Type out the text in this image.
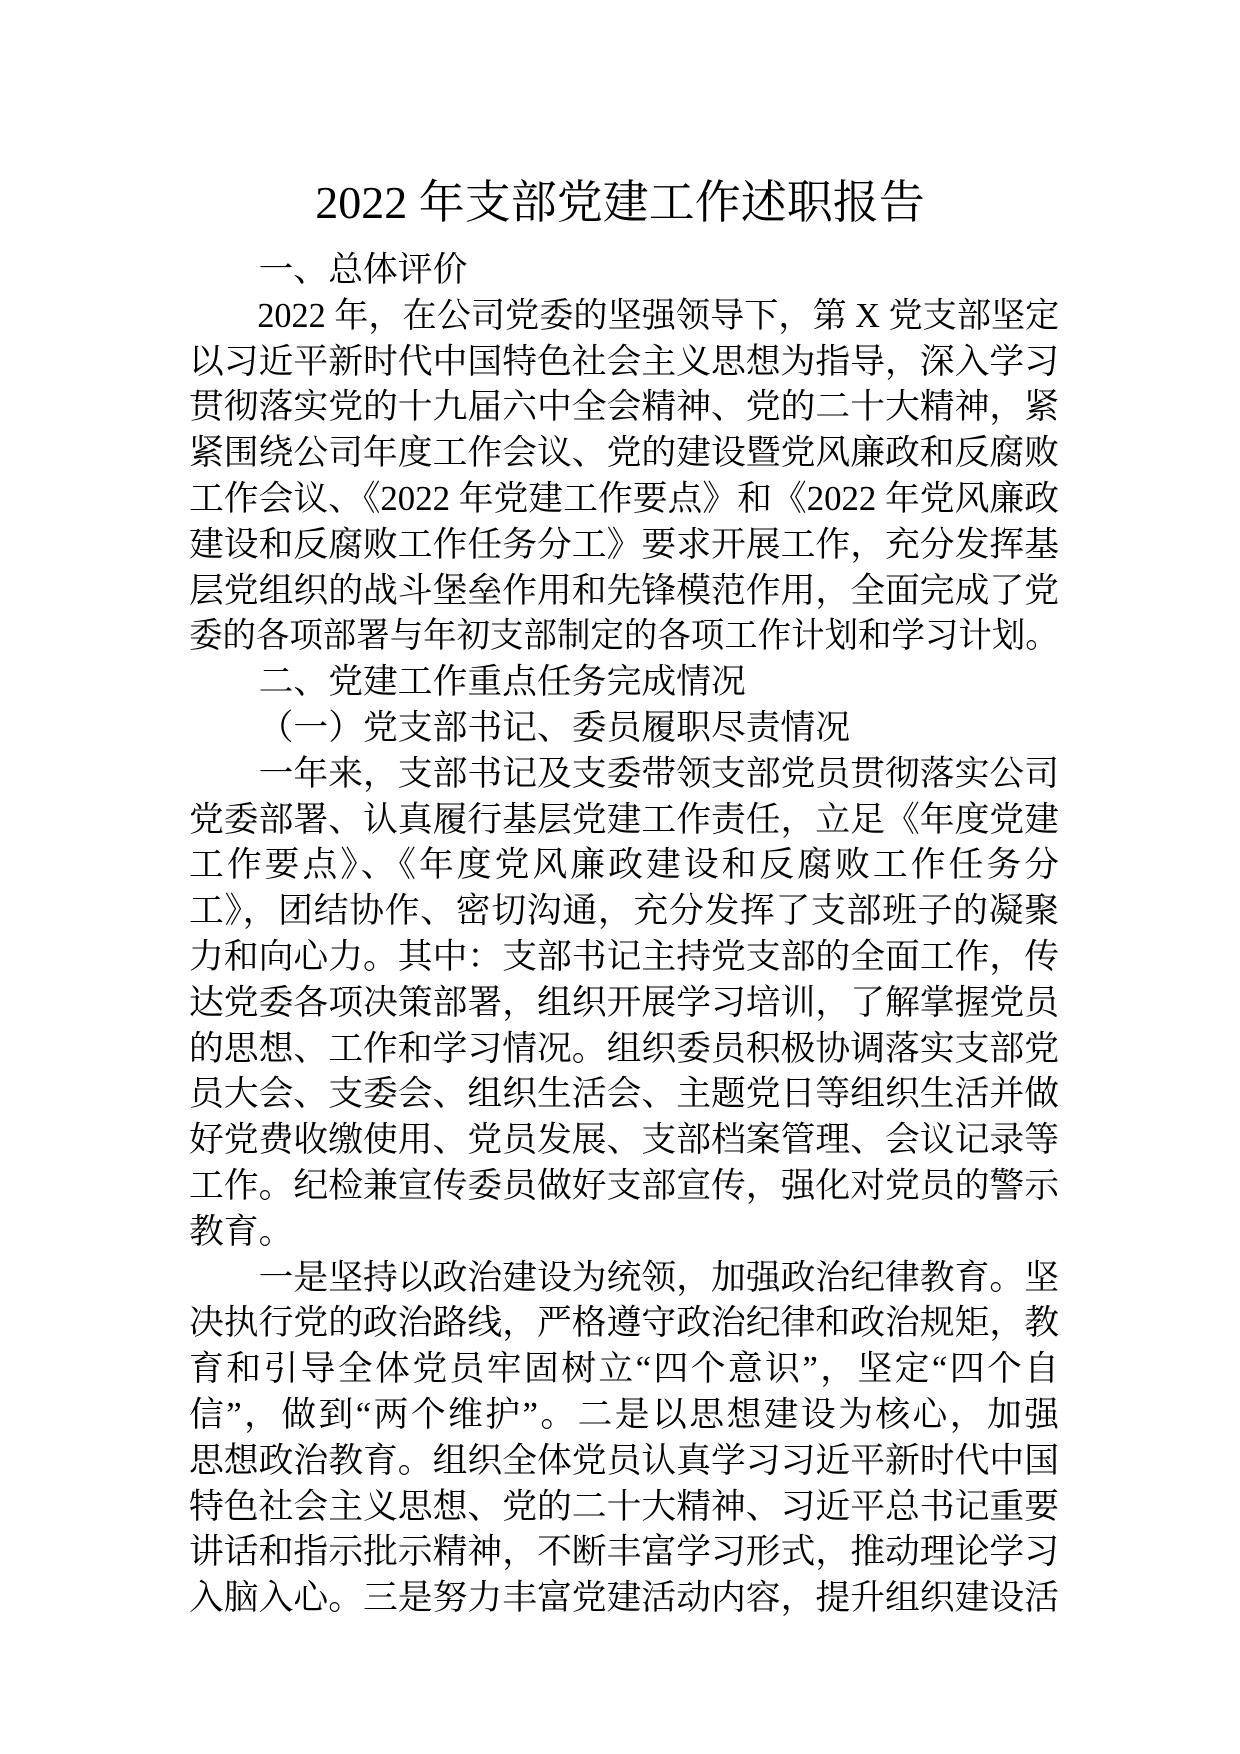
2022 年支部党建工作述职报告
一、总体评价
2022 年，在公司党委的坚强领导下，第 X 党支部坚定
以习近平新时代中国特色社会主义思想为指导，深入学习
贯彻落实党的十九届六中全会精神、党的二十大精神，紧
紧围绕公司年度工作会议、党的建设暨党风廉政和反腐败
工作会议、《2022 年党建工作要点》和《2022 年党风廉政
建设和反腐败工作任务分工》要求开展工作，充分发挥基
层党组织的战斗堡垒作用和先锋模范作用，全面完成了党
委的各项部署与年初支部制定的各项工作计划和学习计划。
二、党建工作重点任务完成情况
（一）党支部书记、委员履职尽责情况
一年来，支部书记及支委带领支部党员贯彻落实公司
党委部署、认真履行基层党建工作责任，立足《年度党建
工作要点》、《年度党风廉政建设和反腐败工作任务分
工》，团结协作、密切沟通，充分发挥了支部班子的凝聚
力和向心力。其中：支部书记主持党支部的全面工作，传
达党委各项决策部署，组织开展学习培训，了解掌握党员
的思想、工作和学习情况。组织委员积极协调落实支部党
员大会、支委会、组织生活会、主题党日等组织生活并做
好党费收缴使用、党员发展、支部档案管理、会议记录等
工作。纪检兼宣传委员做好支部宣传，强化对党员的警示
教育。
一是坚持以政治建设为统领，加强政治纪律教育。坚
决执行党的政治路线，严格遵守政治纪律和政治规矩，教
育和引导全体党员牢固树立“四个意识”，坚定“四个自
信”，做到“两个维护”。二是以思想建设为核心，加强
思想政治教育。组织全体党员认真学习习近平新时代中国
特色社会主义思想、党的二十大精神、习近平总书记重要
讲话和指示批示精神，不断丰富学习形式，推动理论学习
入脑入心。三是努力丰富党建活动内容，提升组织建设活
